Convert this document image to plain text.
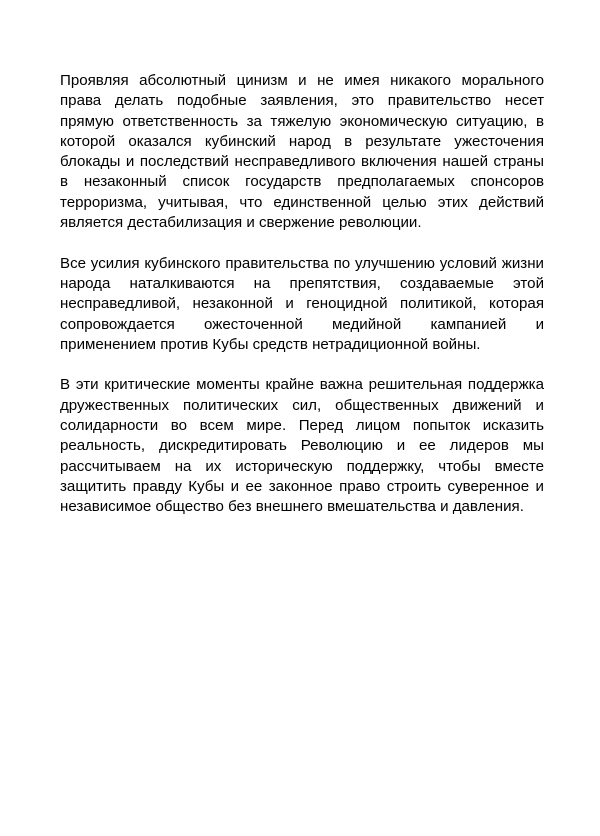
Проявляя абсолютный цинизм и не имея никакого морального права делать подобные заявления, это правительство несет прямую ответственность за тяжелую экономическую ситуацию, в которой оказался кубинский народ в результате ужесточения блокады и последствий несправедливого включения нашей страны в незаконный список государств предполагаемых спонсоров терроризма, учитывая, что единственной целью этих действий является дестабилизация и свержение революции.

Все усилия кубинского правительства по улучшению условий жизни народа наталкиваются на препятствия, создаваемые этой несправедливой, незаконной и геноцидной политикой, которая сопровождается ожесточенной медийной кампанией и применением против Кубы средств нетрадиционной войны.

В эти критические моменты крайне важна решительная поддержка дружественных политических сил, общественных движений и солидарности во всем мире. Перед лицом попыток исказить реальность, дискредитировать Революцию и ее лидеров мы рассчитываем на их историческую поддержку, чтобы вместе защитить правду Кубы и ее законное право строить суверенное и независимое общество без внешнего вмешательства и давления.
